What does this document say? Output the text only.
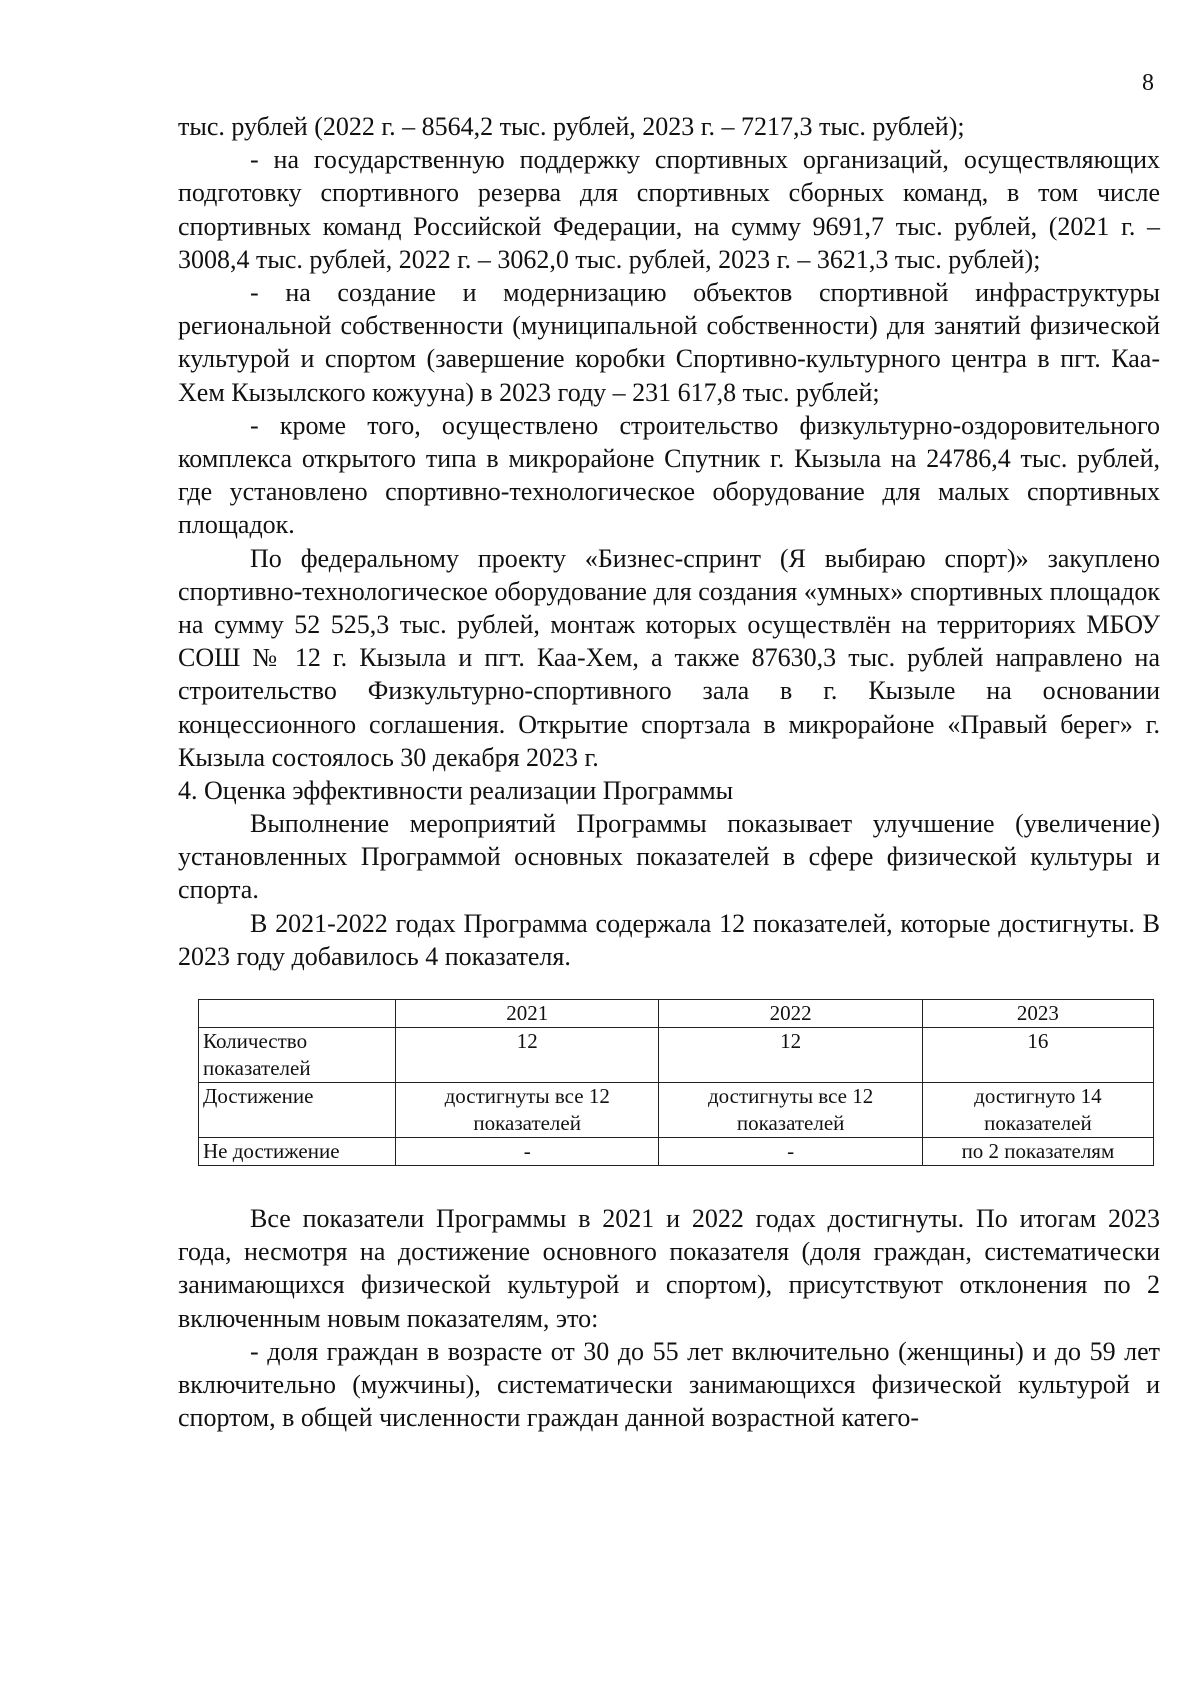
8

тыс. рублей (2022 г. – 8564,2 тыс. рублей, 2023 г. – 7217,3 тыс. рублей);

- на государственную поддержку спортивных организаций, осуществляющих подготовку спортивного резерва для спортивных сборных команд, в том числе спортивных команд Российской Федерации, на сумму 9691,7 тыс. рублей, (2021 г. – 3008,4 тыс. рублей, 2022 г. – 3062,0 тыс. рублей, 2023 г. – 3621,3 тыс. рублей);

- на создание и модернизацию объектов спортивной инфраструктуры региональной собственности (муниципальной собственности) для занятий физической культурой и спортом (завершение коробки Спортивно-культурного центра в пгт. Каа-Хем Кызылского кожууна) в 2023 году – 231 617,8 тыс. рублей;

- кроме того, осуществлено строительство физкультурно-оздоровительного комплекса открытого типа в микрорайоне Спутник г. Кызыла на 24786,4 тыс. рублей, где установлено спортивно-технологическое оборудование для малых спортивных площадок.

По федеральному проекту «Бизнес-спринт (Я выбираю спорт)» закуплено спортивно-технологическое оборудование для создания «умных» спортивных площадок на сумму 52 525,3 тыс. рублей, монтаж которых осуществлён на территориях МБОУ СОШ № 12 г. Кызыла и пгт. Каа-Хем, а также 87630,3 тыс. рублей направлено на строительство Физкультурно-спортивного зала в г. Кызыле на основании концессионного соглашения. Открытие спортзала в микрорайоне «Правый берег» г. Кызыла состоялось 30 декабря 2023 г.

4. Оценка эффективности реализации Программы

Выполнение мероприятий Программы показывает улучшение (увеличение) установленных Программой основных показателей в сфере физической культуры и спорта.

В 2021-2022 годах Программа содержала 12 показателей, которые достигнуты. В 2023 году добавилось 4 показателя.

	2021	2022	2023
Количество показателей	12	12	16
Достижение	достигнуты все 12 показателей	достигнуты все 12 показателей	достигнуто 14 показателей
Не достижение	-	-	по 2 показателям

Все показатели Программы в 2021 и 2022 годах достигнуты. По итогам 2023 года, несмотря на достижение основного показателя (доля граждан, систематически занимающихся физической культурой и спортом), присутствуют отклонения по 2 включенным новым показателям, это:

- доля граждан в возрасте от 30 до 55 лет включительно (женщины) и до 59 лет включительно (мужчины), систематически занимающихся физической культурой и спортом, в общей численности граждан данной возрастной катего-
